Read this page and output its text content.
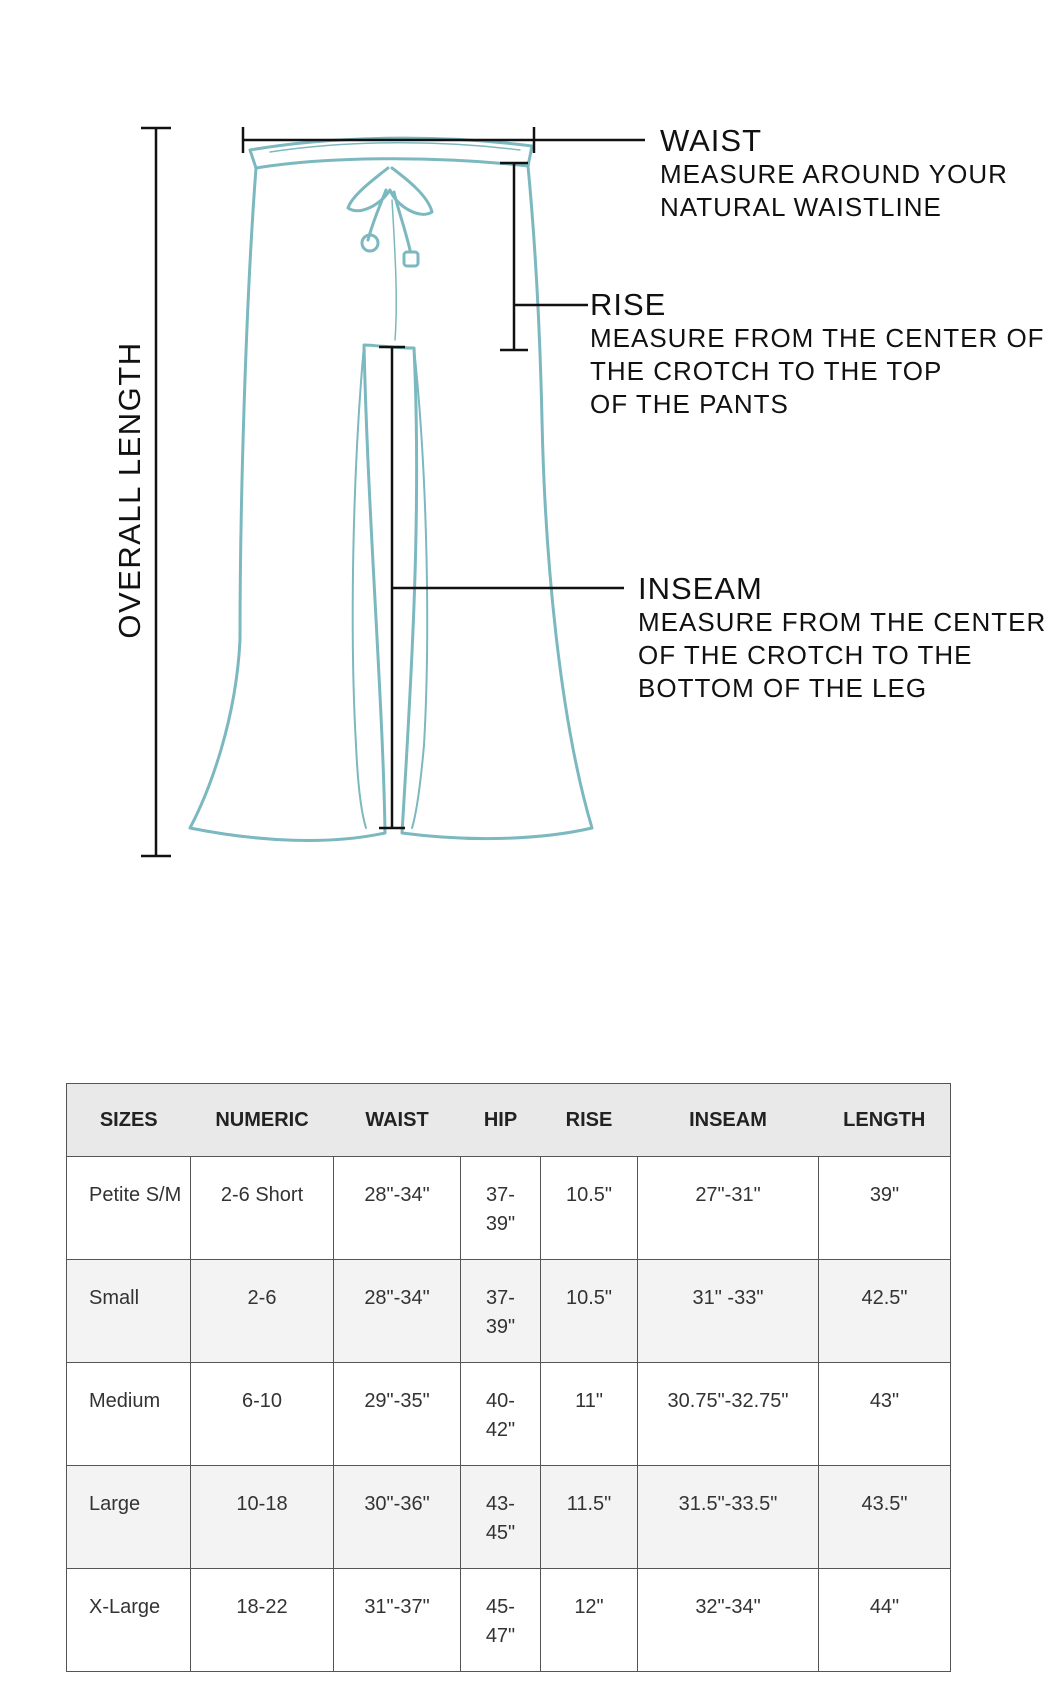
OVERALL LENGTH
WAIST
MEASURE AROUND YOUR
NATURAL WAISTLINE
RISE
MEASURE FROM THE CENTER OF
THE CROTCH TO THE TOP
OF THE PANTS
INSEAM
MEASURE FROM THE CENTER
OF THE CROTCH TO THE
BOTTOM OF THE LEG
SIZES	NUMERIC	WAIST	HIP	RISE	INSEAM	LENGTH
Petite S/M	2-6 Short	28"-34"	37-39"	10.5"	27"-31"	39"
Small	2-6	28"-34"	37-39"	10.5"	31" -33"	42.5"
Medium	6-10	29"-35"	40-42"	11"	30.75"-32.75"	43"
Large	10-18	30"-36"	43-45"	11.5"	31.5"-33.5"	43.5"
X-Large	18-22	31"-37"	45-47"	12"	32"-34"	44"
